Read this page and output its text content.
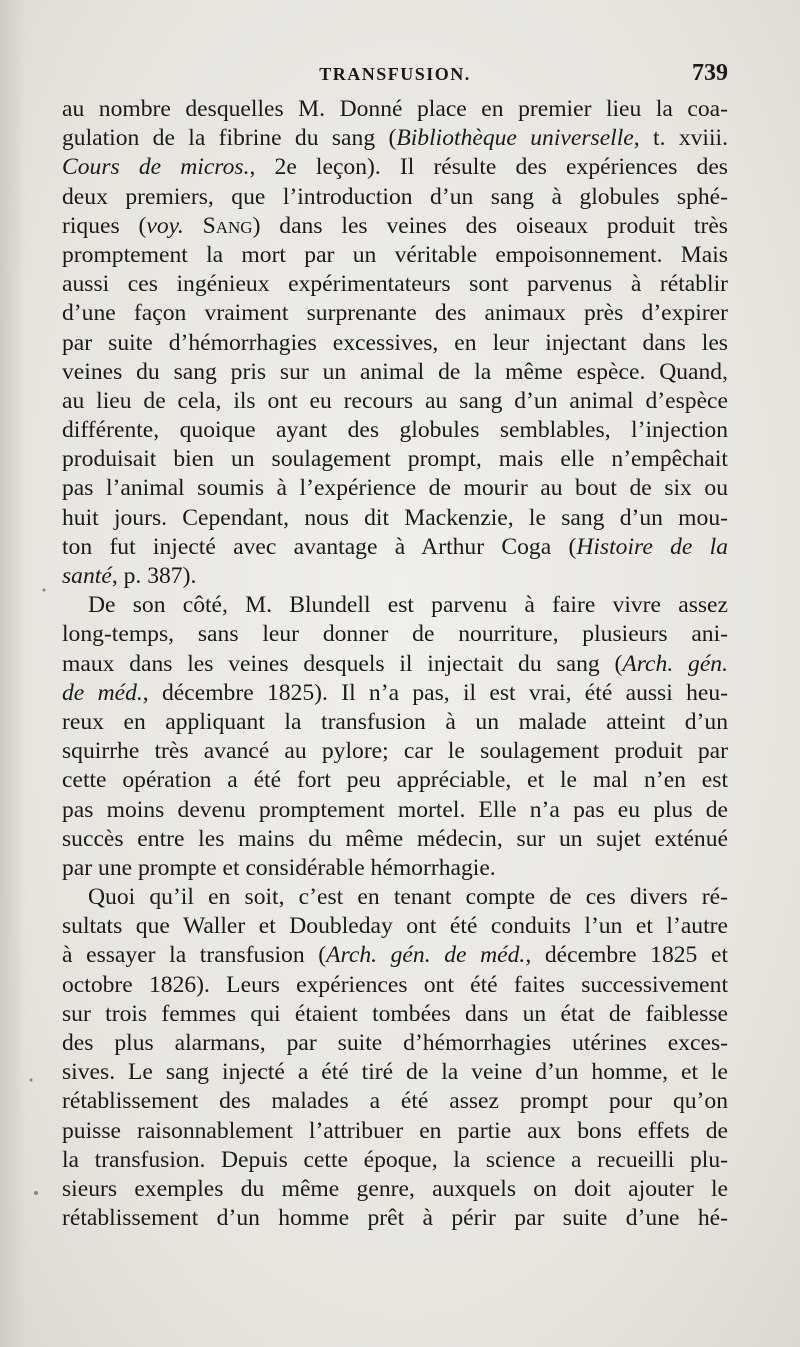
TRANSFUSION.	739
au nombre desquelles M. Donné place en premier lieu la coa-
gulation de la fibrine du sang (Bibliothèque universelle, t. xviii.
Cours de micros., 2e leçon). Il résulte des expériences des
deux premiers, que l’introduction d’un sang à globules sphé-
riques (voy. Sang) dans les veines des oiseaux produit très
promptement la mort par un véritable empoisonnement. Mais
aussi ces ingénieux expérimentateurs sont parvenus à rétablir
d’une façon vraiment surprenante des animaux près d’expirer
par suite d’hémorrhagies excessives, en leur injectant dans les
veines du sang pris sur un animal de la même espèce. Quand,
au lieu de cela, ils ont eu recours au sang d’un animal d’espèce
différente, quoique ayant des globules semblables, l’injection
produisait bien un soulagement prompt, mais elle n’empêchait
pas l’animal soumis à l’expérience de mourir au bout de six ou
huit jours. Cependant, nous dit Mackenzie, le sang d’un mou-
ton fut injecté avec avantage à Arthur Coga (Histoire de la
santé, p. 387).
De son côté, M. Blundell est parvenu à faire vivre assez
long-temps, sans leur donner de nourriture, plusieurs ani-
maux dans les veines desquels il injectait du sang (Arch. gén.
de méd., décembre 1825). Il n’a pas, il est vrai, été aussi heu-
reux en appliquant la transfusion à un malade atteint d’un
squirrhe très avancé au pylore; car le soulagement produit par
cette opération a été fort peu appréciable, et le mal n’en est
pas moins devenu promptement mortel. Elle n’a pas eu plus de
succès entre les mains du même médecin, sur un sujet exténué
par une prompte et considérable hémorrhagie.
Quoi qu’il en soit, c’est en tenant compte de ces divers ré-
sultats que Waller et Doubleday ont été conduits l’un et l’autre
à essayer la transfusion (Arch. gén. de méd., décembre 1825 et
octobre 1826). Leurs expériences ont été faites successivement
sur trois femmes qui étaient tombées dans un état de faiblesse
des plus alarmans, par suite d’hémorrhagies utérines exces-
sives. Le sang injecté a été tiré de la veine d’un homme, et le
rétablissement des malades a été assez prompt pour qu’on
puisse raisonnablement l’attribuer en partie aux bons effets de
la transfusion. Depuis cette époque, la science a recueilli plu-
sieurs exemples du même genre, auxquels on doit ajouter le
rétablissement d’un homme prêt à périr par suite d’une hé-
